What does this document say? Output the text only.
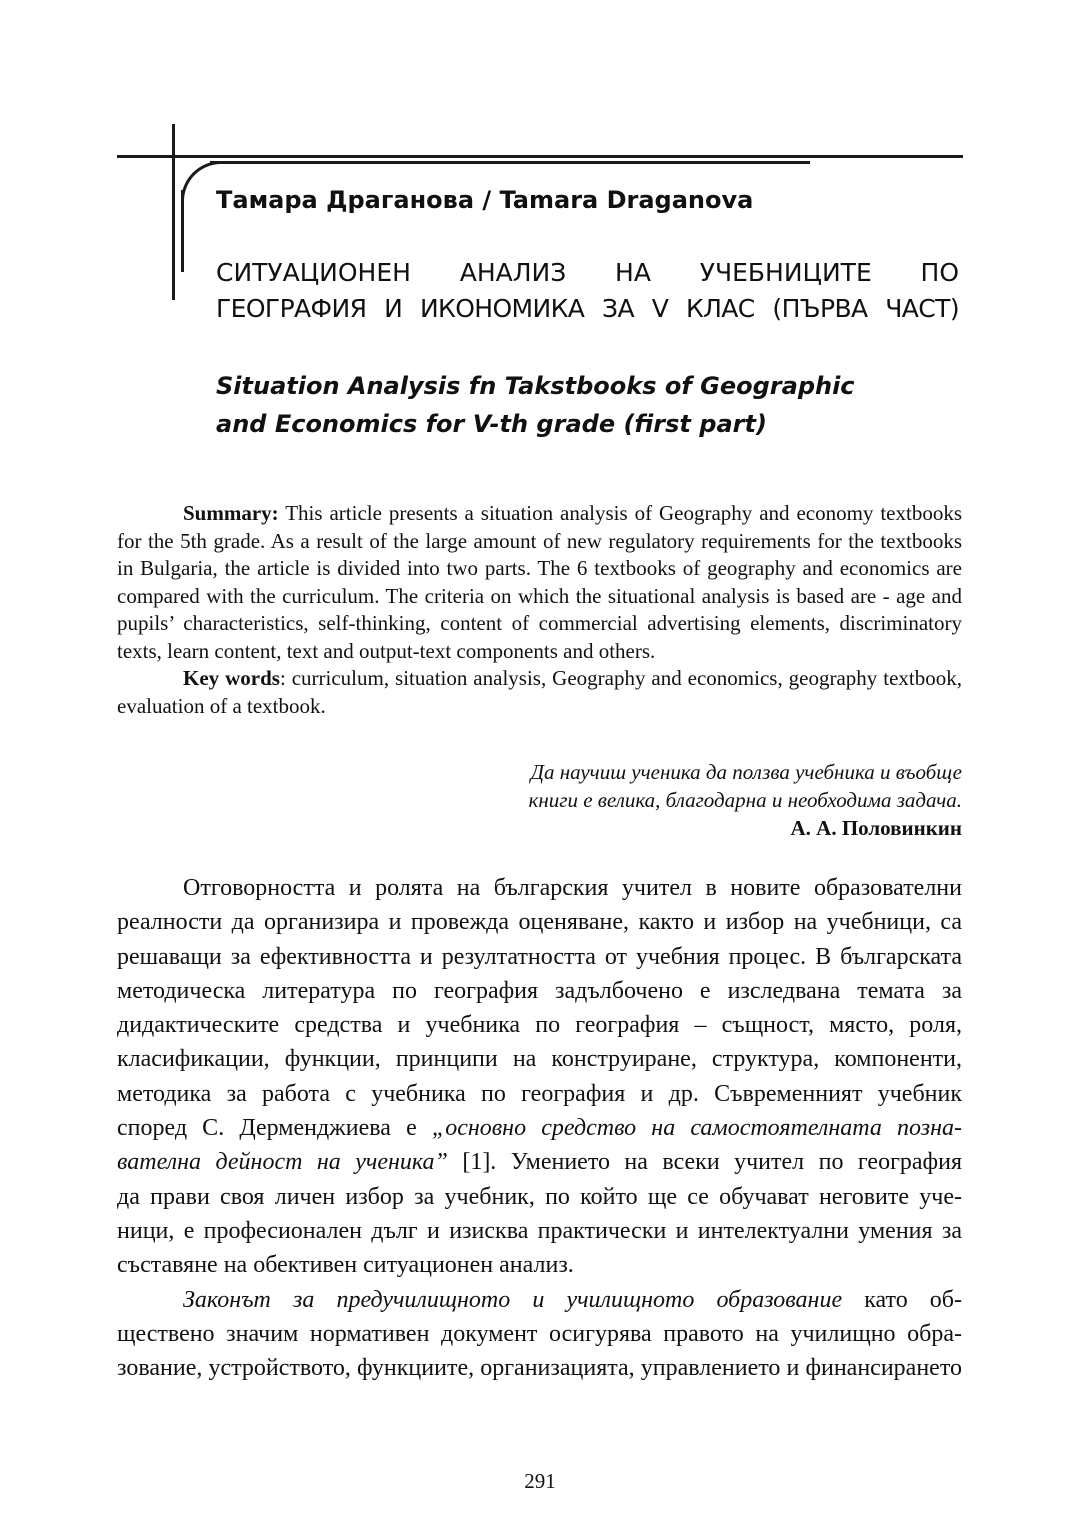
Тамара Драганова / Tamara Draganova
СИТУАЦИОНЕН АНАЛИЗ НА УЧЕБНИЦИТЕ ПО
ГЕОГРАФИЯ И ИКОНОМИКА ЗА V КЛАС (ПЪРВА ЧАСТ)
Situation Analysis fn Takstbooks of Geographic
and Economics for V-th grade (first part)

Summary: This article presents a situation analysis of Geography and economy textbooks for the 5th grade. As a result of the large amount of new regulatory requirements for the textbooks in Bulgaria, the article is divided into two parts. The 6 textbooks of geography and economics are compared with the curriculum. The criteria on which the situational analysis is based are - age and pupils’ characteristics, self-thinking, content of commercial advertising elements, discriminatory texts, learn content, text and output-text components and others.

Key words: curriculum, situation analysis, Geography and economics, geography textbook, evaluation of a textbook.

Да научиш ученика да ползва учебника и въобще
книги е велика, благодарна и необходима задача.
А. А. Половинкин
Отговорността и ролята на българския учител в новите образователни
реалности да организира и провежда оценяване, както и избор на учебници, са
решаващи за ефективността и резултатността от учебния процес. В българската
методическа литература по география задълбочено е изследвана темата за
дидактическите средства и учебника по география – същност, място, роля,
класификации, функции, принципи на конструиране, структура, компоненти,
методика за работа с учебника по география и др. Съвременният учебник
според С. Дерменджиева е „основно средство на самостоятелната позна-
вателна дейност на ученика” [1]. Умението на всеки учител по география
да прави своя личен избор за учебник, по който ще се обучават неговите уче-
ници, е професионален дълг и изисква практически и интелектуални умения за
съставяне на обективен ситуационен анализ.
Законът за предучилищното и училищното образование като об-
ществено значим нормативен документ осигурява правото на училищно обра-
зование, устройството, функциите, организацията, управлението и финансирането
291
